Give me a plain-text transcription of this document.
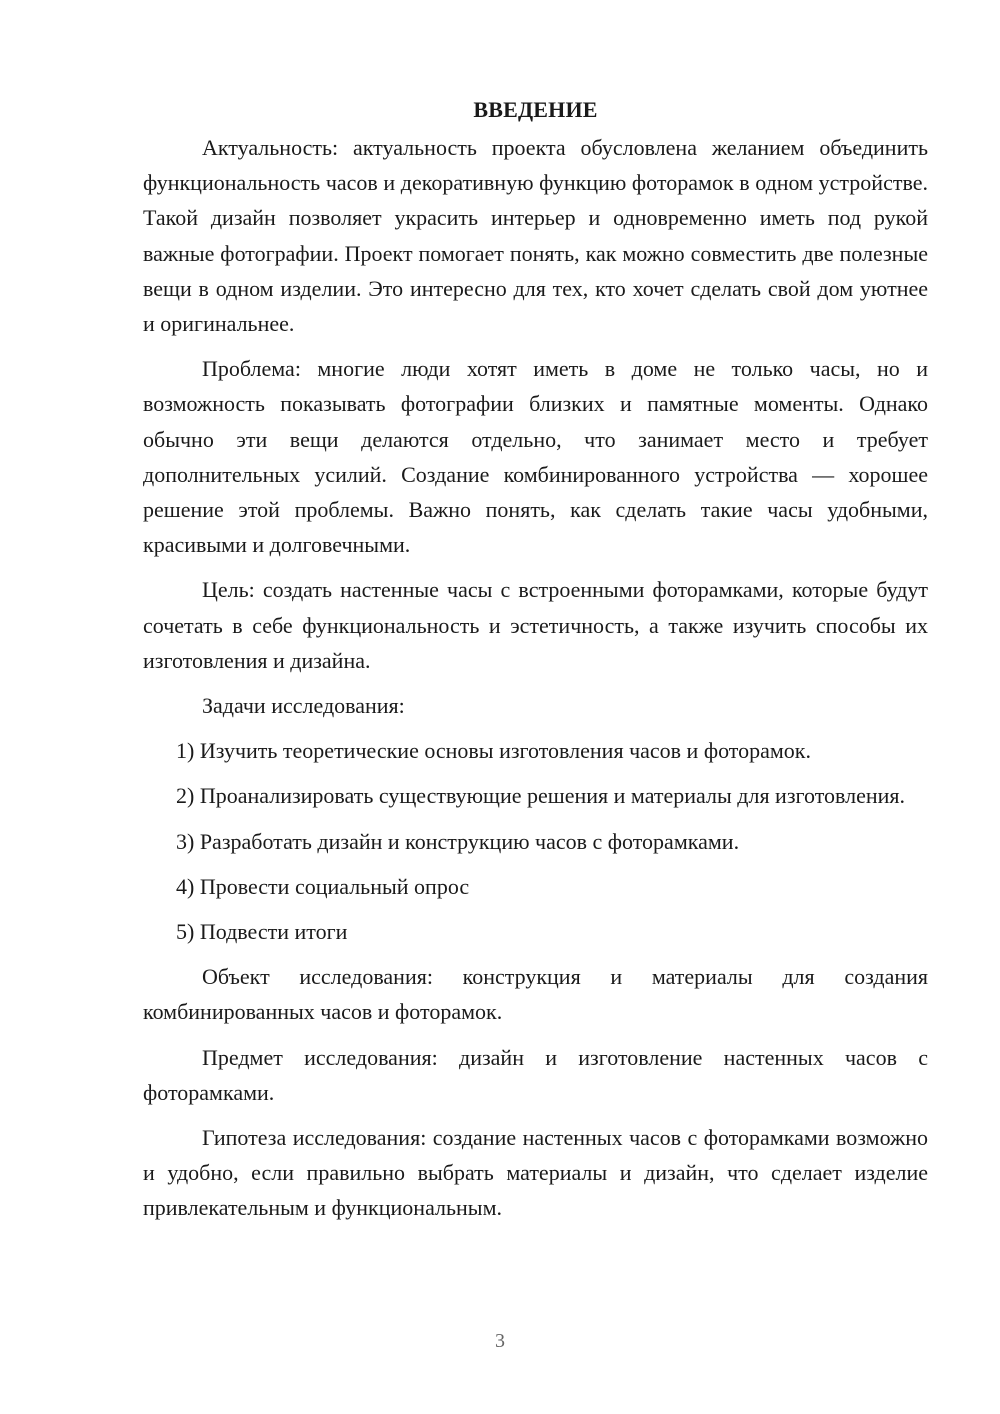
ВВЕДЕНИЕ

Актуальность: актуальность проекта обусловлена желанием объединить функциональность часов и декоративную функцию фоторамок в одном устройстве. Такой дизайн позволяет украсить интерьер и одновременно иметь под рукой важные фотографии. Проект помогает понять, как можно совместить две полезные вещи в одном изделии. Это интересно для тех, кто хочет сделать свой дом уютнее и оригинальнее.

Проблема: многие люди хотят иметь в доме не только часы, но и возможность показывать фотографии близких и памятные моменты. Однако обычно эти вещи делаются отдельно, что занимает место и требует дополнительных усилий. Создание комбинированного устройства — хорошее решение этой проблемы. Важно понять, как сделать такие часы удобными, красивыми и долговечными.

Цель: создать настенные часы с встроенными фоторамками, которые будут сочетать в себе функциональность и эстетичность, а также изучить способы их изготовления и дизайна.

Задачи исследования:

1) Изучить теоретические основы изготовления часов и фоторамок.

2) Проанализировать существующие решения и материалы для изготовления.

3) Разработать дизайн и конструкцию часов с фоторамками.

4) Провести социальный опрос

5) Подвести итоги

Объект исследования: конструкция и материалы для создания комбинированных часов и фоторамок.

Предмет исследования: дизайн и изготовление настенных часов с фоторамками.

Гипотеза исследования: создание настенных часов с фоторамками возможно и удобно, если правильно выбрать материалы и дизайн, что сделает изделие привлекательным и функциональным.

3
